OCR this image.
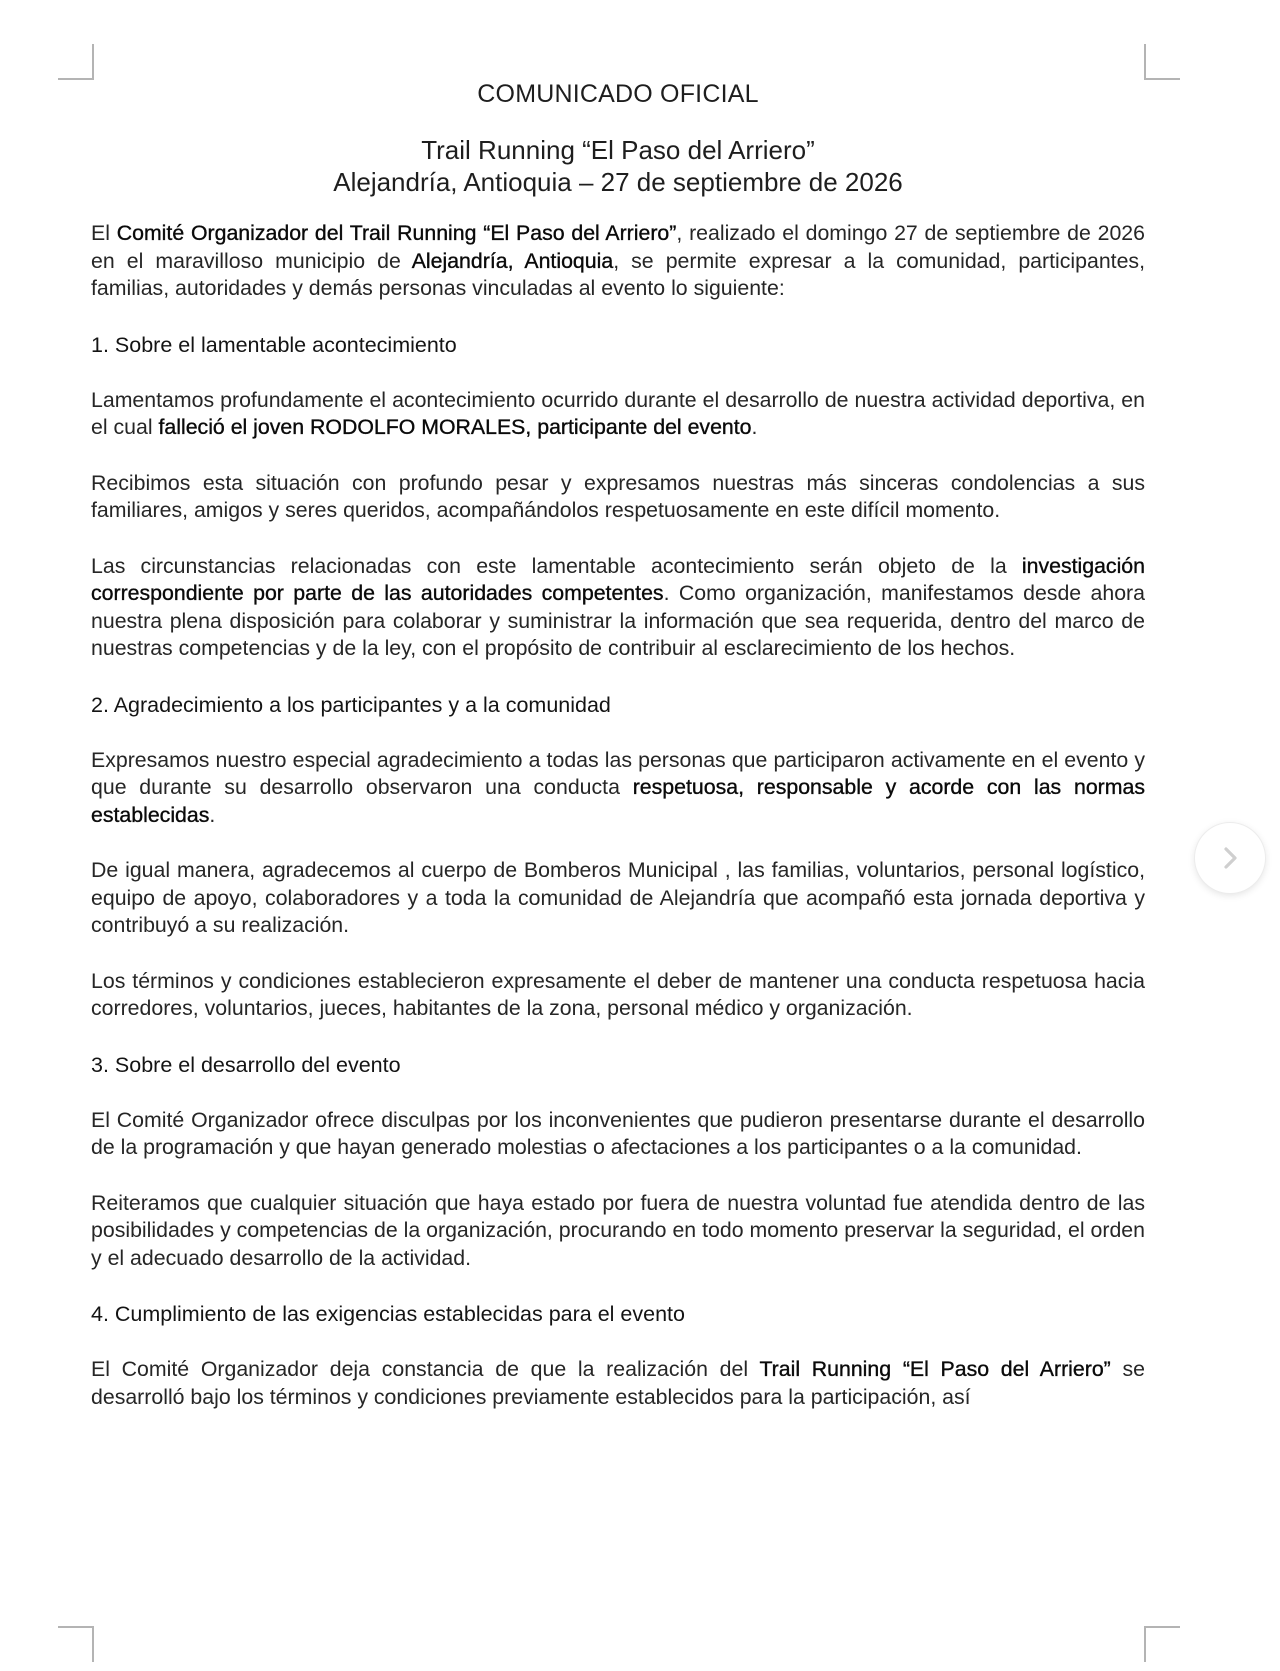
COMUNICADO OFICIAL
Trail Running “El Paso del Arriero”
Alejandría, Antioquia – 27 de septiembre de 2026

El Comité Organizador del Trail Running “El Paso del Arriero”, realizado el domingo 27 de septiembre de 2026 en el maravilloso municipio de Alejandría, Antioquia, se permite expresar a la comunidad, participantes, familias, autoridades y demás personas vinculadas al evento lo siguiente:

1. Sobre el lamentable acontecimiento

Lamentamos profundamente el acontecimiento ocurrido durante el desarrollo de nuestra actividad deportiva, en el cual falleció el joven RODOLFO MORALES, participante del evento.

Recibimos esta situación con profundo pesar y expresamos nuestras más sinceras condolencias a sus familiares, amigos y seres queridos, acompañándolos respetuosamente en este difícil momento.

Las circunstancias relacionadas con este lamentable acontecimiento serán objeto de la investigación correspondiente por parte de las autoridades competentes. Como organización, manifestamos desde ahora nuestra plena disposición para colaborar y suministrar la información que sea requerida, dentro del marco de nuestras competencias y de la ley, con el propósito de contribuir al esclarecimiento de los hechos.

2. Agradecimiento a los participantes y a la comunidad

Expresamos nuestro especial agradecimiento a todas las personas que participaron activamente en el evento y que durante su desarrollo observaron una conducta respetuosa, responsable y acorde con las normas establecidas.

De igual manera, agradecemos al cuerpo de Bomberos Municipal , las familias, voluntarios, personal logístico, equipo de apoyo, colaboradores y a toda la comunidad de Alejandría que acompañó esta jornada deportiva y contribuyó a su realización.

Los términos y condiciones establecieron expresamente el deber de mantener una conducta respetuosa hacia corredores, voluntarios, jueces, habitantes de la zona, personal médico y organización.

3. Sobre el desarrollo del evento

El Comité Organizador ofrece disculpas por los inconvenientes que pudieron presentarse durante el desarrollo de la programación y que hayan generado molestias o afectaciones a los participantes o a la comunidad.

Reiteramos que cualquier situación que haya estado por fuera de nuestra voluntad fue atendida dentro de las posibilidades y competencias de la organización, procurando en todo momento preservar la seguridad, el orden y el adecuado desarrollo de la actividad.

4. Cumplimiento de las exigencias establecidas para el evento

El Comité Organizador deja constancia de que la realización del Trail Running “El Paso del Arriero” se desarrolló bajo los términos y condiciones previamente establecidos para la participación, así
